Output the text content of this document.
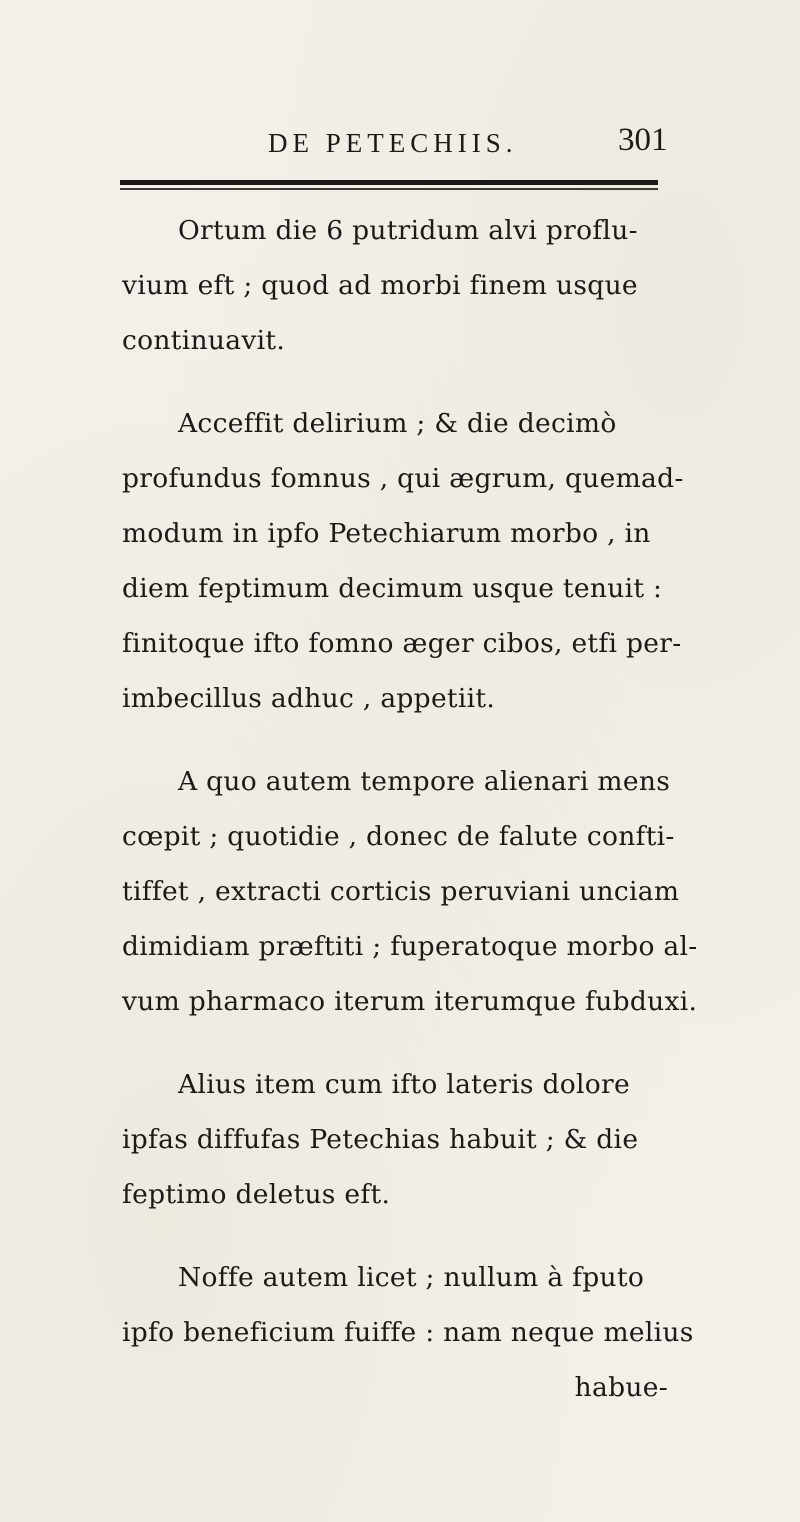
DE PETECHIIS.	301
Ortum die 6 putridum alvi proflu-
vium eft ; quod ad morbi finem usque
continuavit.
Acceffit delirium ; & die decimò
profundus fomnus , qui ægrum, quemad-
modum in ipfo Petechiarum morbo , in
diem feptimum decimum usque tenuit :
finitoque ifto fomno æger cibos, etfi per-
imbecillus adhuc , appetiit.
A quo autem tempore alienari mens
cœpit ; quotidie , donec de falute confti-
tiffet , extracti corticis peruviani unciam
dimidiam præftiti ; fuperatoque morbo al-
vum pharmaco iterum iterumque fubduxi.
Alius item cum ifto lateris dolore
ipfas diffufas Petechias habuit ; & die
feptimo deletus eft.
Noffe autem licet ; nullum à fputo
ipfo beneficium fuiffe : nam neque melius
habue-
